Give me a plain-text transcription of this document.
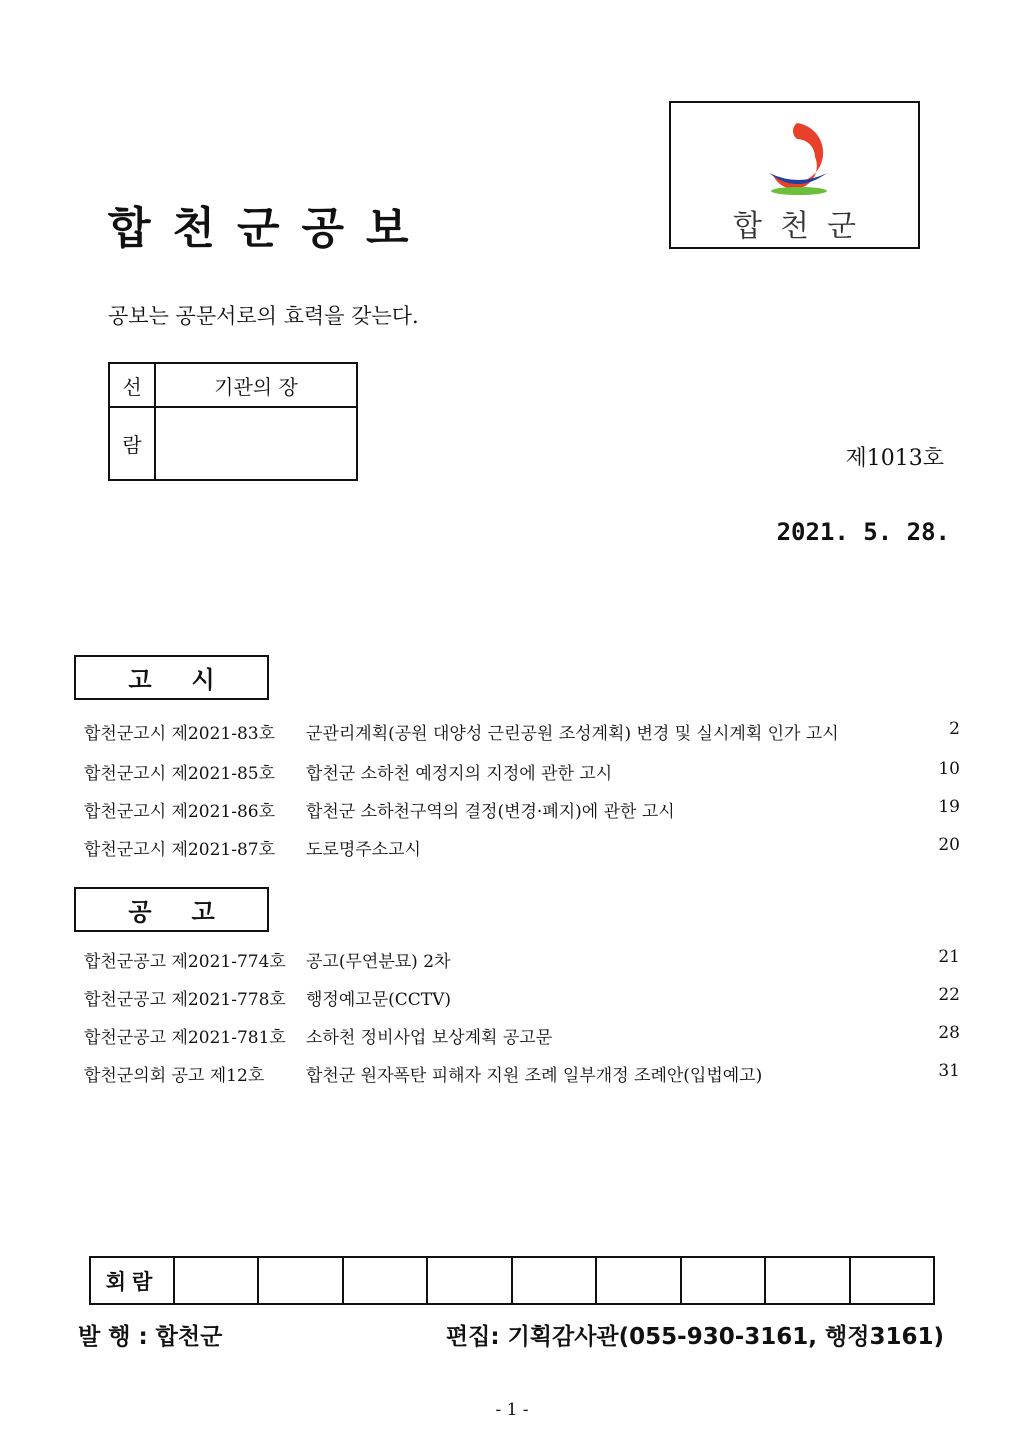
합천군공보
공보는 공문서로의 효력을 갖는다.
합천군
선	기관의 장
람	
제1013호
2021. 5. 28.
고시
합천군고시 제2021-83호 군관리계획(공원 대양성 근린공원 조성계획) 변경 및 실시계획 인가 고시	2
합천군고시 제2021-85호 합천군 소하천 예정지의 지정에 관한 고시	10
합천군고시 제2021-86호 합천군 소하천구역의 결정(변경·폐지)에 관한 고시	19
합천군고시 제2021-87호 도로명주소고시	20
공고
합천군공고 제2021-774호 공고(무연분묘) 2차	21
합천군공고 제2021-778호 행정예고문(CCTV)	22
합천군공고 제2021-781호 소하천 정비사업 보상계획 공고문	28
합천군의회 공고 제12호 합천군 원자폭탄 피해자 지원 조례 일부개정 조례안(입법예고)	31
회람									
발 행 : 합천군	편집: 기획감사관(055-930-3161, 행정3161)
- 1 -
